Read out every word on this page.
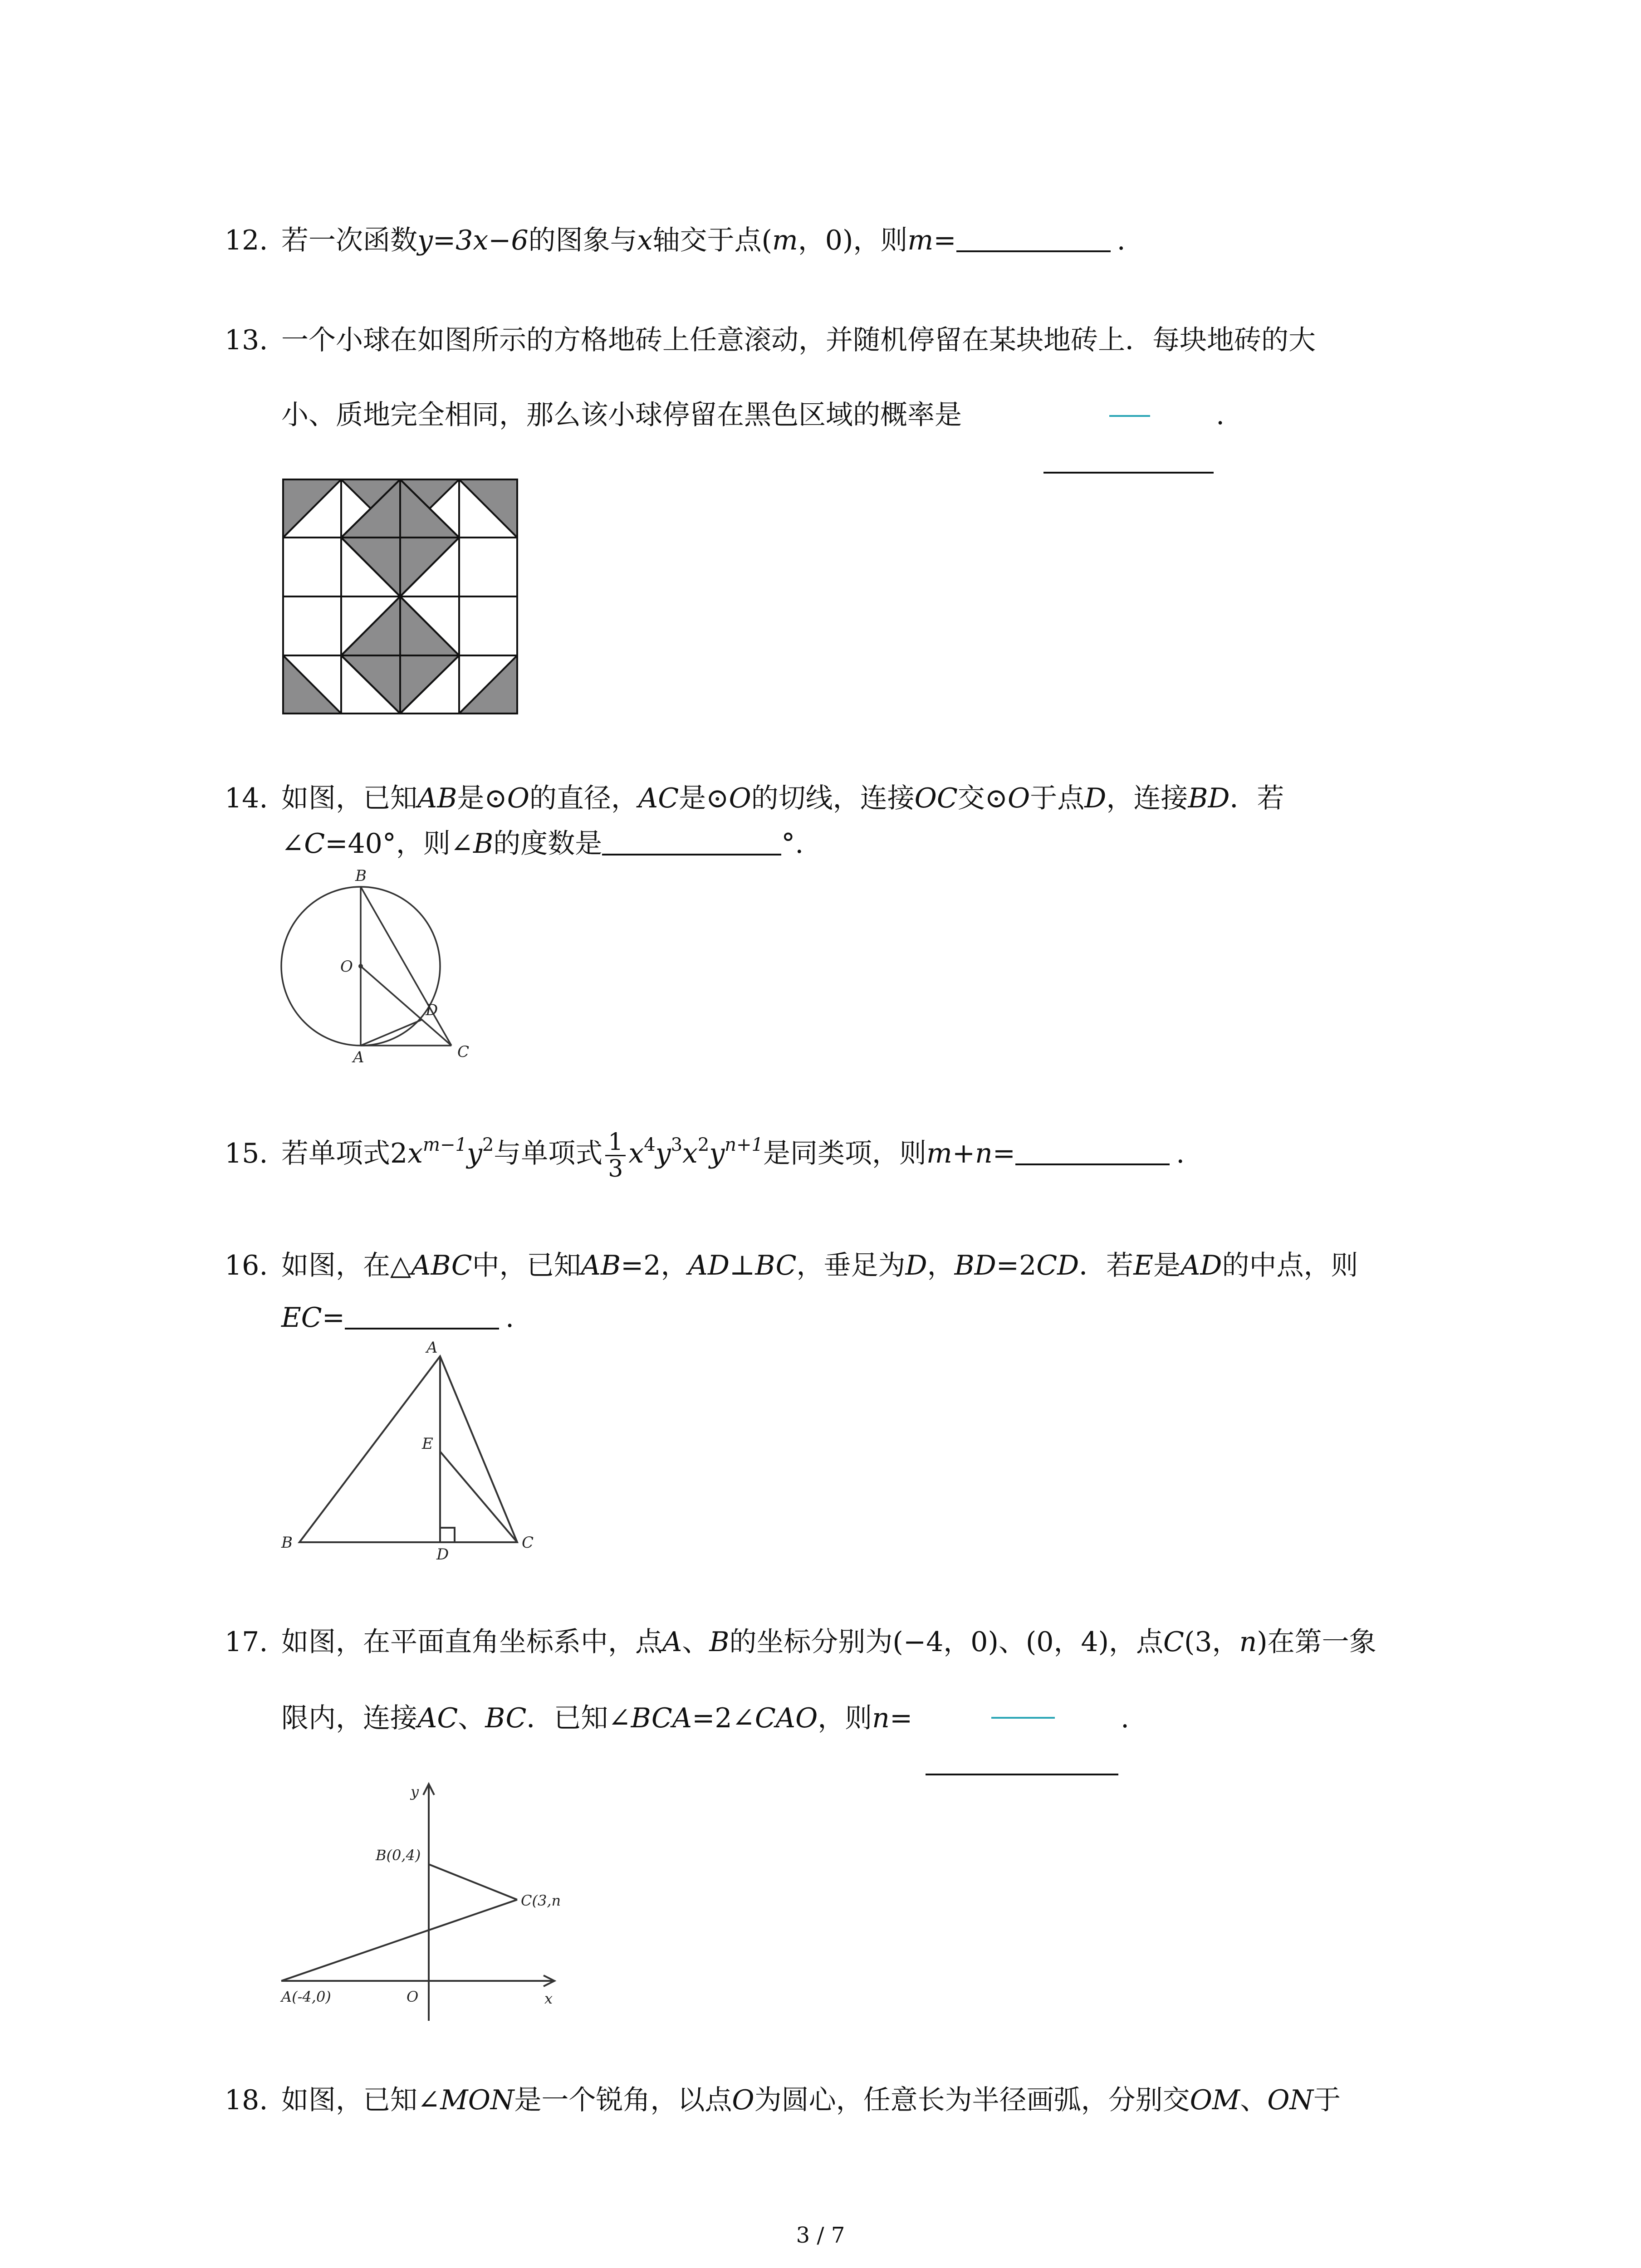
12. 若一次函数y=3x−6的图象与x轴交于点(m，0)，则m=	.
13. 一个小球在如图所示的方格地砖上任意滚动，并随机停留在某块地砖上．每块地砖的大
小、质地完全相同，那么该小球停留在黑色区域的概率是	.
14. 如图，已知AB是⊙O的直径，AC是⊙O的切线，连接OC交⊙O于点D，连接BD．若
∠C=40°，则∠B的度数是	°.
B
O
D
A	C
15. 若单项式$2x^{m-1}y^2$与单项式 $\frac{1}{3} x^4y^3x^2y^{n+1}$是同类项，则m+n=	.
16. 如图，在△ABC中，已知AB=2，AD⊥BC，垂足为D，BD=2CD．若E是AD的中点，则
EC=	.
A
E
B
D
C
17. 如图，在平面直角坐标系中，点A、B的坐标分别为(−4，0)、(0，4)，点C(3，n)在第一象
限内，连接AC、BC．已知∠BCA=2∠CAO，则n=	.
y
x
B(0,4)
C(3,n
A(-4,0)	O
18. 如图，已知∠MON是一个锐角，以点O为圆心，任意长为半径画弧，分别交OM、ON于
3 / 7
